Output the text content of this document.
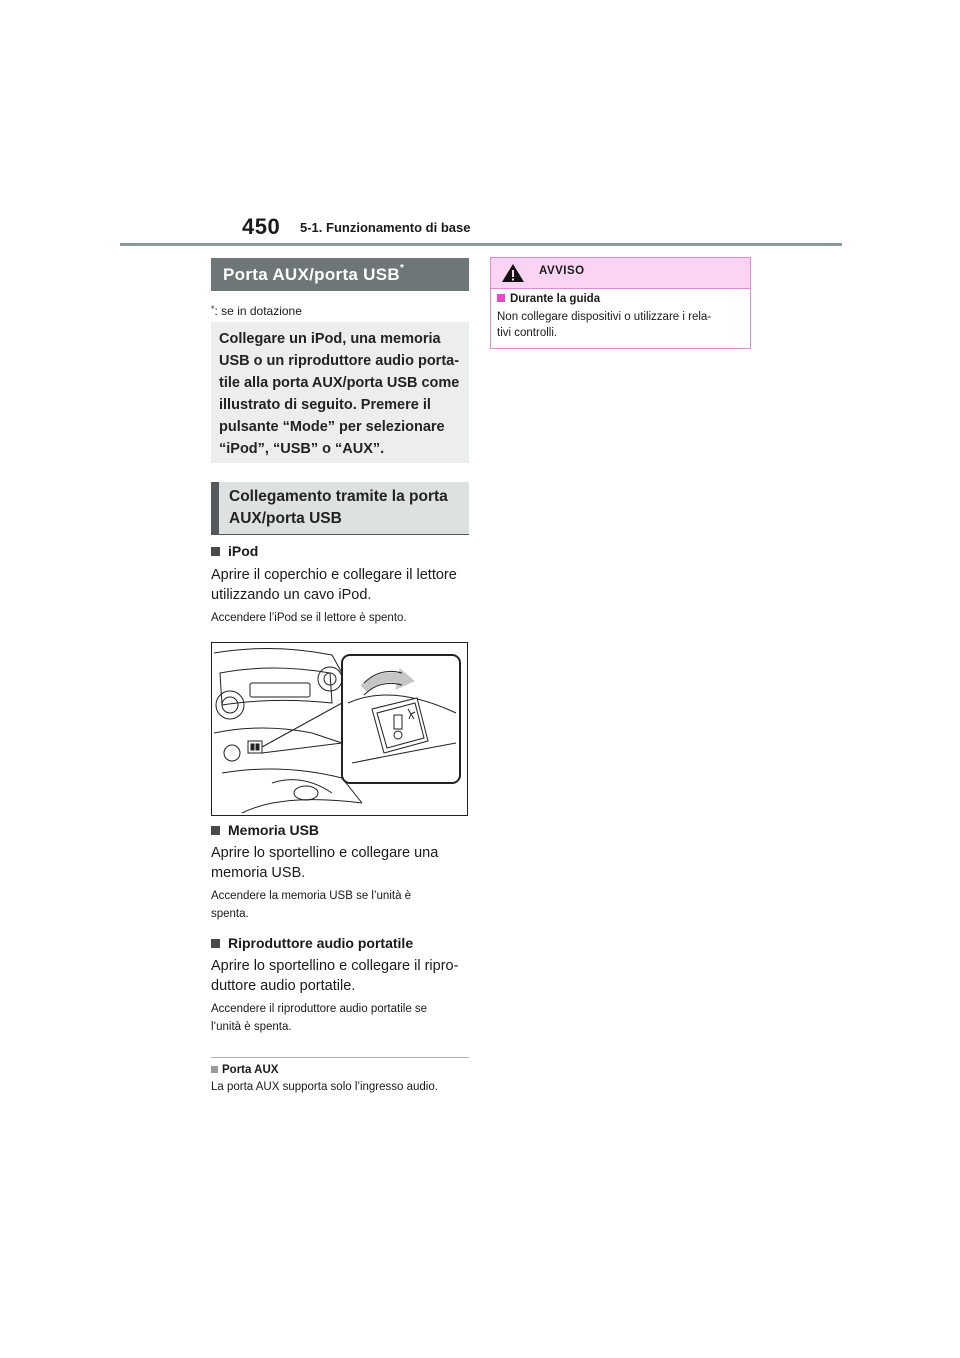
450 5-1. Funzionamento di base
Porta AUX/porta USB*
*: se in dotazione

Collegare un iPod, una memoria

USB o un riproduttore audio porta-

tile alla porta AUX/porta USB come

illustrato di seguito. Premere il

pulsante “Mode” per selezionare

“iPod”, “USB” o “AUX”.

Collegamento tramite la porta
AUX/porta USB
iPod
Aprire il coperchio e collegare il lettore
utilizzando un cavo iPod.
Accendere l’iPod se il lettore è spento.
Memoria USB
Aprire lo sportellino e collegare una
memoria USB.
Accendere la memoria USB se l’unità è
spenta.
Riproduttore audio portatile
Aprire lo sportellino e collegare il ripro-
duttore audio portatile.
Accendere il riproduttore audio portatile se
l’unità è spenta.
Porta AUX
La porta AUX supporta solo l’ingresso audio.
AVVISO
Durante la guida
Non collegare dispositivi o utilizzare i rela-
tivi controlli.
